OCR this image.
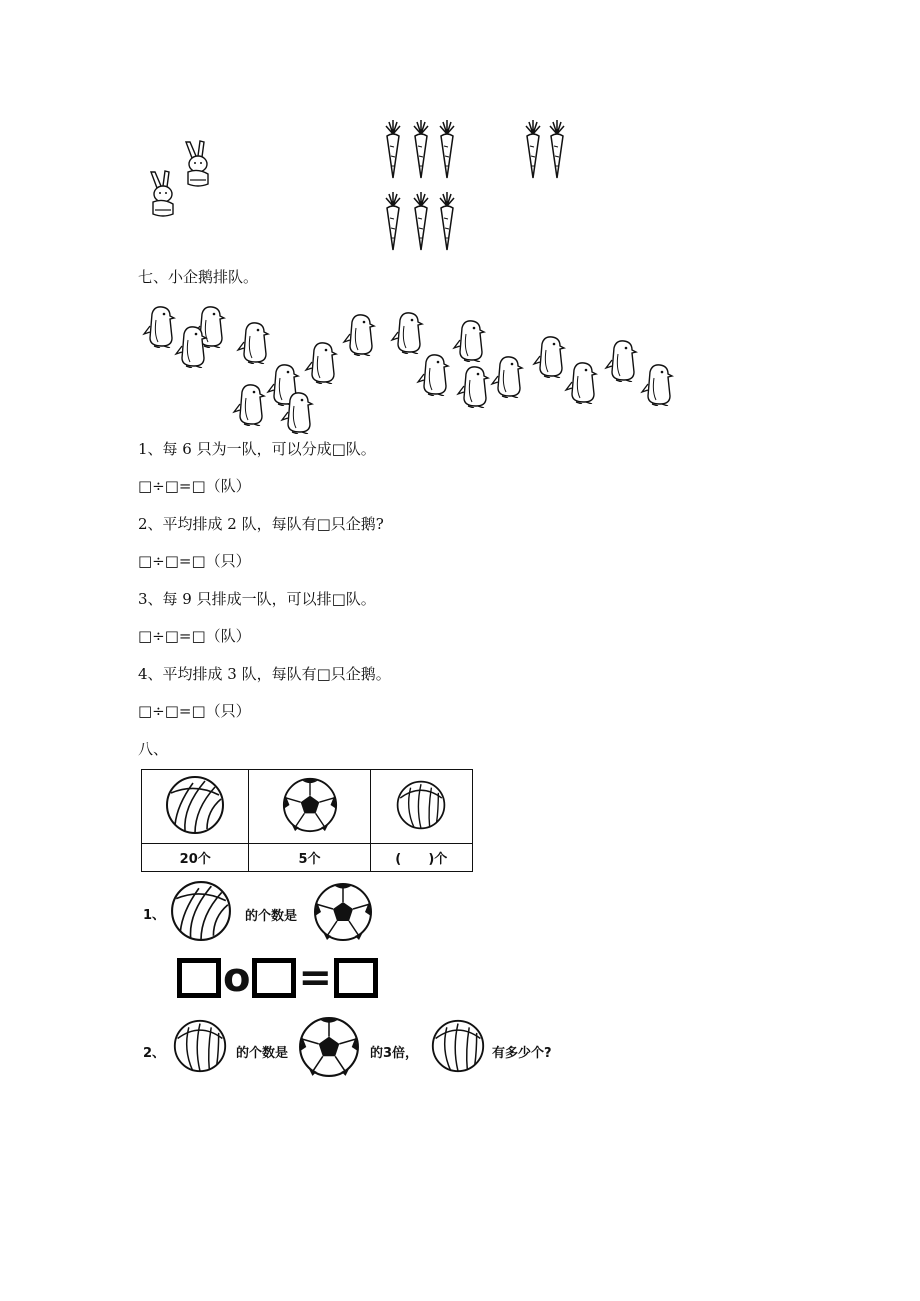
七、小企鹅排队。
1、每 6 只为一队，可以分成□队。
□÷□=□（队）
2、平均排成 2 队，每队有□只企鹅?
□÷□=□（只）
3、每 9 只排成一队，可以排□队。
□÷□=□（队）
4、平均排成 3 队，每队有□只企鹅。
□÷□=□（只）
八、

20个	5个	(      )个
1、	的个数是
o =
2、	的个数是	的3倍，	有多少个?
